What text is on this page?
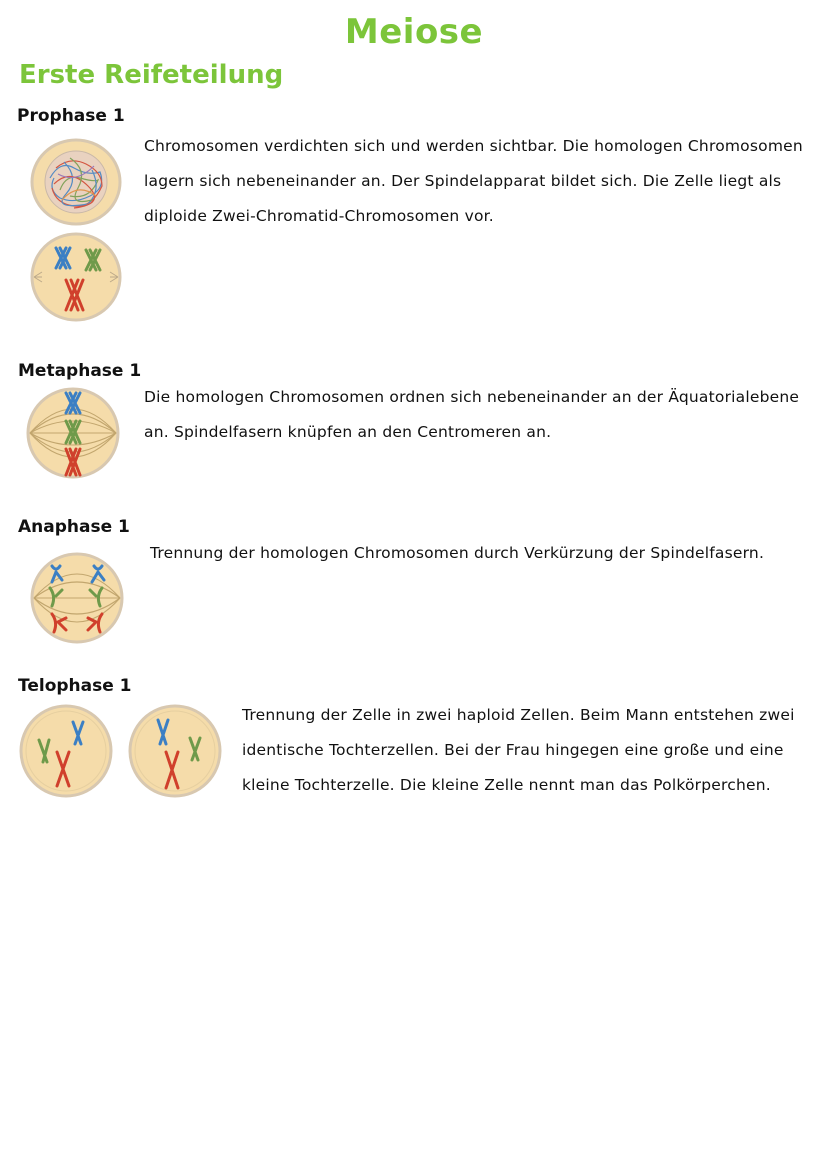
Meiose
Erste Reifeteilung
Prophase 1
Chromosomen verdichten sich und werden sichtbar. Die homologen Chromosomen lagern sich nebeneinander an. Der Spindelapparat bildet sich. Die Zelle liegt als diploide Zwei-Chromatid-Chromosomen vor.
Metaphase 1
Die homologen Chromosomen ordnen sich nebeneinander an der Äquatorialebene an. Spindelfasern knüpfen an den Centromeren an.
Anaphase 1
Trennung der homologen Chromosomen durch Verkürzung der Spindelfasern.
Telophase 1
Trennung der Zelle in zwei haploid Zellen. Beim Mann entstehen zwei identische Tochterzellen. Bei der Frau hingegen eine große und eine kleine Tochterzelle. Die kleine Zelle nennt man das Polkörperchen.
